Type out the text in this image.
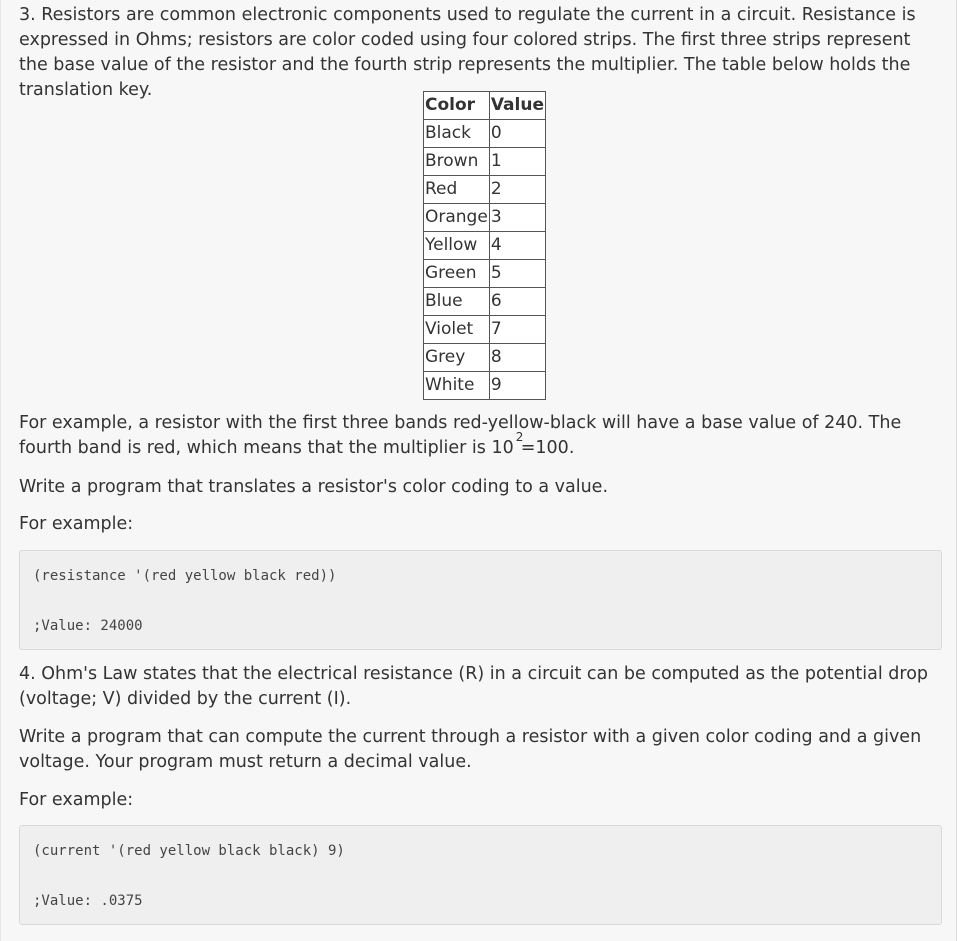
3. Resistors are common electronic components used to regulate the current in a circuit. Resistance is expressed in Ohms; resistors are color coded using four colored strips. The first three strips represent the base value of the resistor and the fourth strip represents the multiplier. The table below holds the translation key.

Color	Value
Black	0
Brown	1
Red	2
Orange	3
Yellow	4
Green	5
Blue	6
Violet	7
Grey	8
White	9

For example, a resistor with the first three bands red-yellow-black will have a base value of 240. The fourth band is red, which means that the multiplier is 10
2
  =100.

Write a program that translates a resistor's color coding to a value.

For example:

(resistance '(red yellow black red))
;Value: 24000

4. Ohm's Law states that the electrical resistance (R) in a circuit can be computed as the potential drop (voltage; V) divided by the current (I).

Write a program that can compute the current through a resistor with a given color coding and a given voltage. Your program must return a decimal value.

For example:

(current '(red yellow black black) 9)
;Value: .0375
